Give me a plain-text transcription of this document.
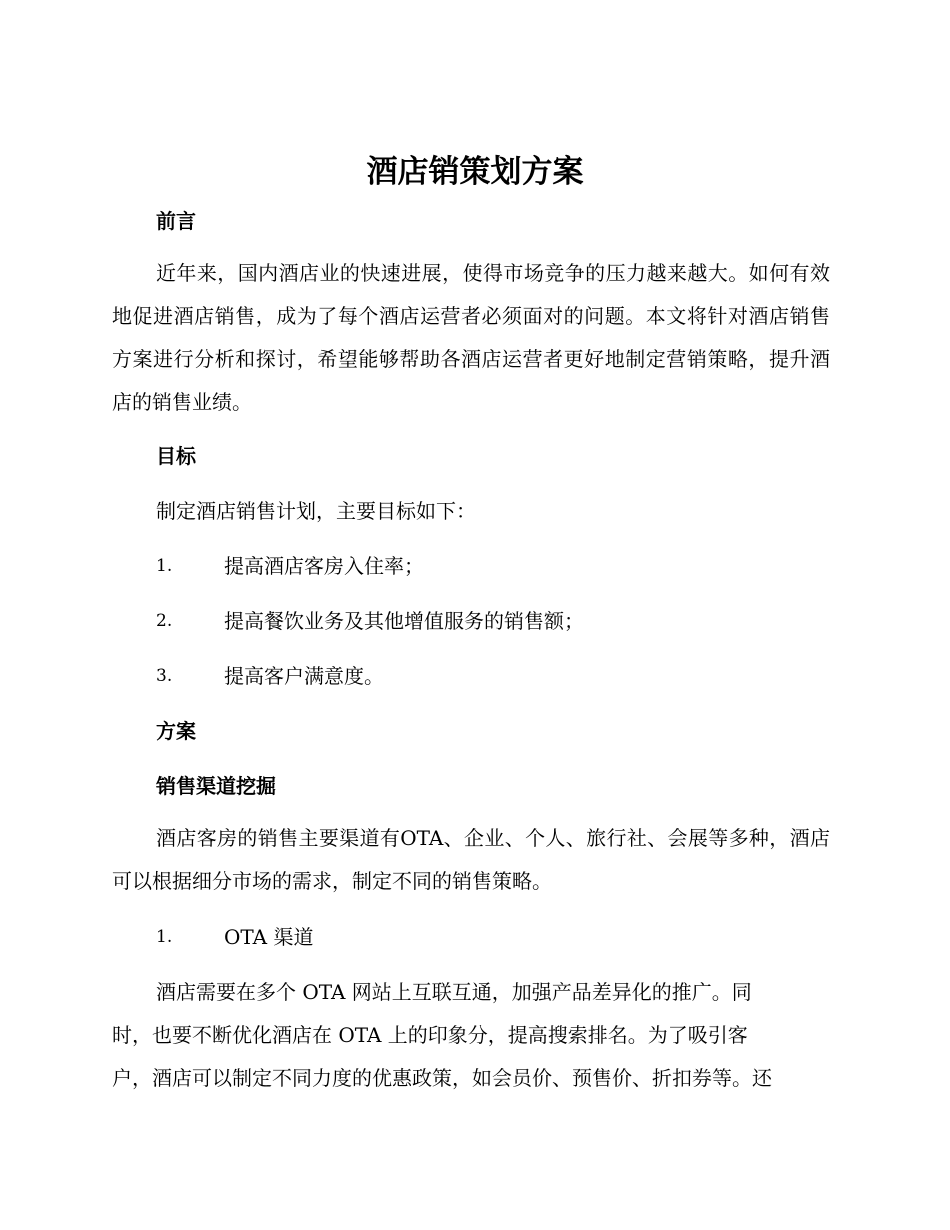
酒店销策划方案
前言
近年来，国内酒店业的快速进展，使得市场竞争的压力越来越大。如何有效地促进酒店销售，成为了每个酒店运营者必须面对的问题。本文将针对酒店销售方案进行分析和探讨，希望能够帮助各酒店运营者更好地制定营销策略，提升酒店的销售业绩。
目标
制定酒店销售计划，主要目标如下：
1.	提高酒店客房入住率；
2.	提高餐饮业务及其他增值服务的销售额；
3.	提高客户满意度。
方案
销售渠道挖掘
酒店客房的销售主要渠道有OTA、企业、个人、旅行社、会展等多种，酒店可以根据细分市场的需求，制定不同的销售策略。
1.	OTA 渠道
酒店需要在多个 OTA 网站上互联互通，加强产品差异化的推广。同
时，也要不断优化酒店在 OTA 上的印象分，提高搜索排名。为了吸引客
户，酒店可以制定不同力度的优惠政策，如会员价、预售价、折扣券等。还
